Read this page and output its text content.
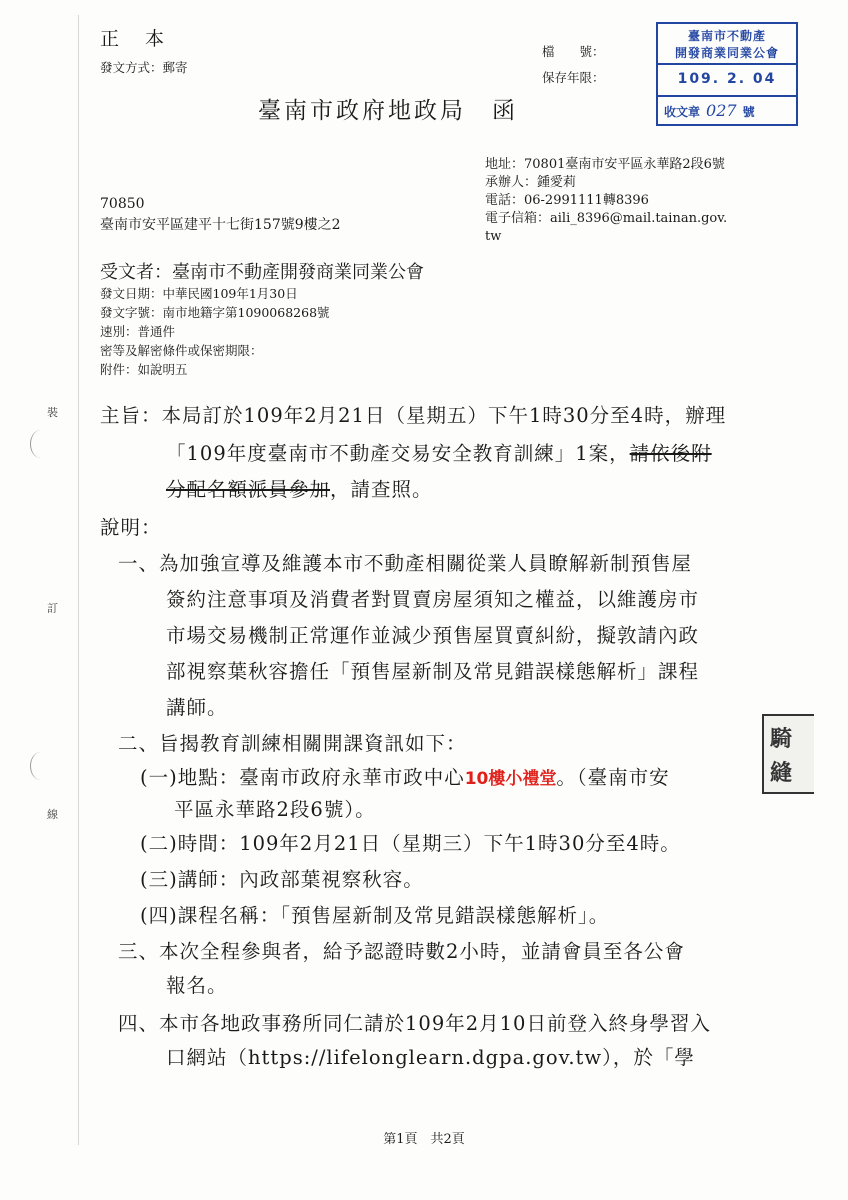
正 本
發文方式：郵寄
檔　　號：
保存年限：
臺南市政府地政局　函
臺南市不動產
開發商業同業公會
109. 2. 04
收文章 027 號
地址：70801臺南市安平區永華路2段6號
承辦人：鍾愛莉
電話：06-2991111轉8396
電子信箱：aili_8396@mail.tainan.gov.
tw
70850
臺南市安平區建平十七街157號9樓之2
受文者：臺南市不動產開發商業同業公會
發文日期：中華民國109年1月30日
發文字號：南市地籍字第1090068268號
速別：普通件
密等及解密條件或保密期限：
附件：如說明五
裝
訂
線
主旨：本局訂於109年2月21日（星期五）下午1時30分至4時，辦理
「109年度臺南市不動產交易安全教育訓練」1案，請依後附
分配名額派員參加，請查照。
說明：
一、為加強宣導及維護本市不動產相關從業人員瞭解新制預售屋
簽約注意事項及消費者對買賣房屋須知之權益，以維護房市
市場交易機制正常運作並減少預售屋買賣糾紛，擬敦請內政
部視察葉秋容擔任「預售屋新制及常見錯誤樣態解析」課程
講師。
二、旨揭教育訓練相關開課資訊如下：
(一)地點：臺南市政府永華市政中心10樓小禮堂。（臺南市安
平區永華路2段6號）。
(二)時間：109年2月21日（星期三）下午1時30分至4時。
(三)講師：內政部葉視察秋容。
(四)課程名稱：「預售屋新制及常見錯誤樣態解析」。
三、本次全程參與者，給予認證時數2小時，並請會員至各公會
報名。
四、本市各地政事務所同仁請於109年2月10日前登入終身學習入
口網站（https://lifelonglearn.dgpa.gov.tw），於「學
騎
縫
第1頁　共2頁
